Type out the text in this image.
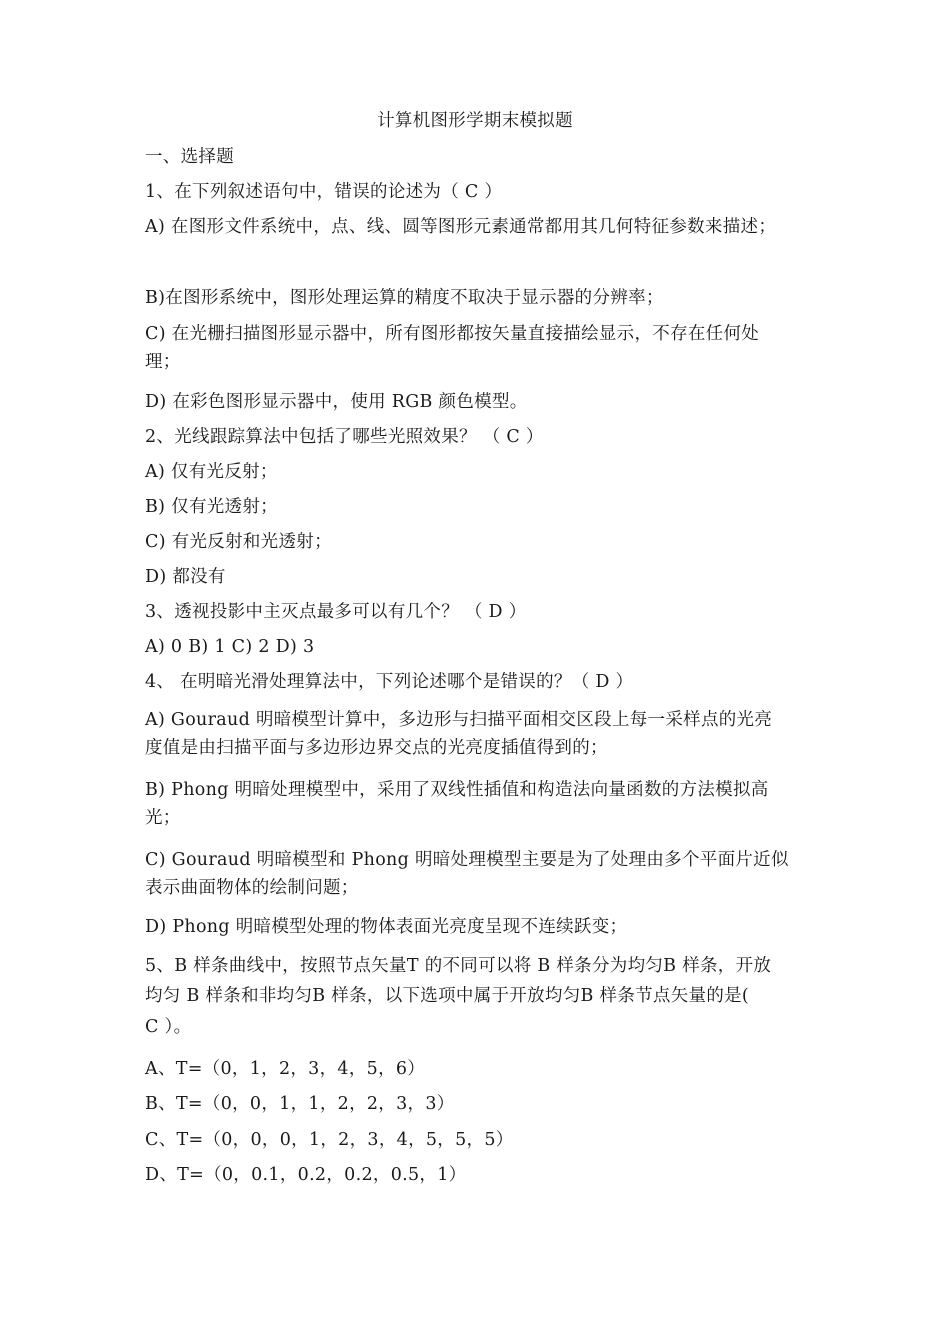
计算机图形学期末模拟题
一、选择题
1、在下列叙述语句中，错误的论述为（ C ）
A) 在图形文件系统中，点、线、圆等图形元素通常都用其几何特征参数来描述；
B)在图形系统中，图形处理运算的精度不取决于显示器的分辨率；
C) 在光栅扫描图形显示器中，所有图形都按矢量直接描绘显示，不存在任何处
理；
D) 在彩色图形显示器中，使用 RGB 颜色模型。
2、光线跟踪算法中包括了哪些光照效果？ （ C ）
A) 仅有光反射；
B) 仅有光透射；
C) 有光反射和光透射；
D) 都没有
3、透视投影中主灭点最多可以有几个？ （ D ）
A) 0 B) 1 C) 2 D) 3
4、 在明暗光滑处理算法中，下列论述哪个是错误的？（ D ）
A) Gouraud 明暗模型计算中，多边形与扫描平面相交区段上每一采样点的光亮
度值是由扫描平面与多边形边界交点的光亮度插值得到的；
B) Phong 明暗处理模型中，采用了双线性插值和构造法向量函数的方法模拟高
光；
C) Gouraud 明暗模型和 Phong 明暗处理模型主要是为了处理由多个平面片近似
表示曲面物体的绘制问题；
D) Phong 明暗模型处理的物体表面光亮度呈现不连续跃变；
5、B 样条曲线中，按照节点矢量T 的不同可以将 B 样条分为均匀B 样条，开放
均匀 B 样条和非均匀B 样条，以下选项中属于开放均匀B 样条节点矢量的是(
C ）。
A、T=（0，1，2，3，4，5，6）
B、T=（0，0，1，1，2，2，3，3）
C、T=（0，0，0，1，2，3，4，5，5，5）
D、T=（0，0.1，0.2，0.2，0.5，1）
